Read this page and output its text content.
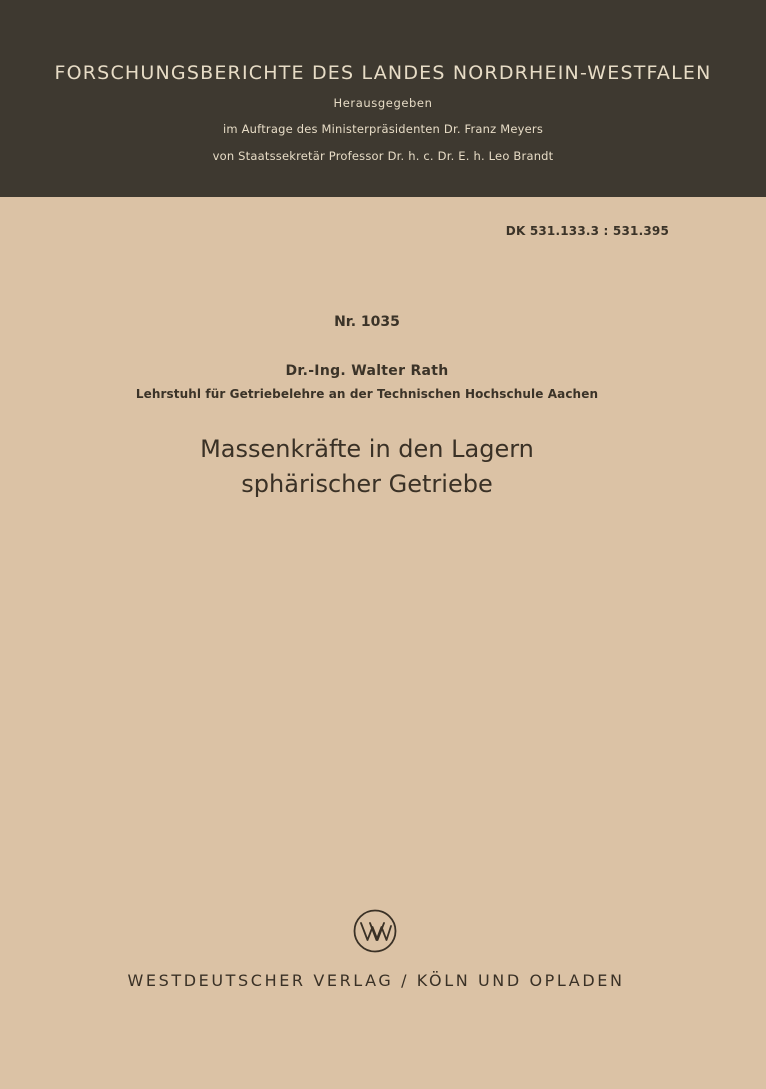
FORSCHUNGSBERICHTE DES LANDES NORDRHEIN-WESTFALEN
Herausgegeben
im Auftrage des Ministerpräsidenten Dr. Franz Meyers
von Staatssekretär Professor Dr. h. c. Dr. E. h. Leo Brandt
DK 531.133.3 : 531.395
Nr. 1035
Dr.-Ing. Walter Rath
Lehrstuhl für Getriebelehre an der Technischen Hochschule Aachen
Massenkräfte in den Lagern
sphärischer Getriebe
WESTDEUTSCHER VERLAG / KÖLN UND OPLADEN
